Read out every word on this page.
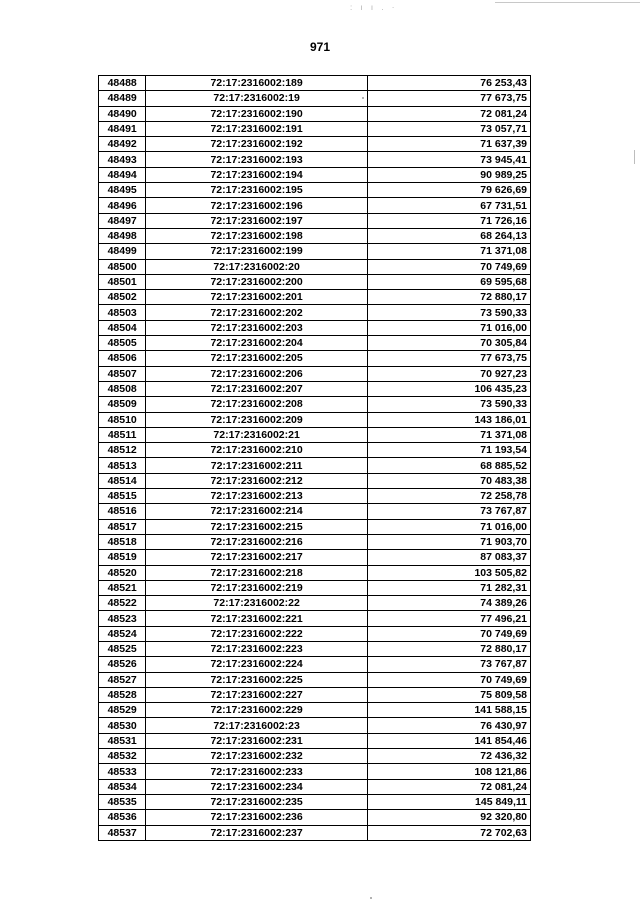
: ı ı . ·
971
48488	72:17:2316002:189	76 253,43
48489	72:17:2316002:19	77 673,75
48490	72:17:2316002:190	72 081,24
48491	72:17:2316002:191	73 057,71
48492	72:17:2316002:192	71 637,39
48493	72:17:2316002:193	73 945,41
48494	72:17:2316002:194	90 989,25
48495	72:17:2316002:195	79 626,69
48496	72:17:2316002:196	67 731,51
48497	72:17:2316002:197	71 726,16
48498	72:17:2316002:198	68 264,13
48499	72:17:2316002:199	71 371,08
48500	72:17:2316002:20	70 749,69
48501	72:17:2316002:200	69 595,68
48502	72:17:2316002:201	72 880,17
48503	72:17:2316002:202	73 590,33
48504	72:17:2316002:203	71 016,00
48505	72:17:2316002:204	70 305,84
48506	72:17:2316002:205	77 673,75
48507	72:17:2316002:206	70 927,23
48508	72:17:2316002:207	106 435,23
48509	72:17:2316002:208	73 590,33
48510	72:17:2316002:209	143 186,01
48511	72:17:2316002:21	71 371,08
48512	72:17:2316002:210	71 193,54
48513	72:17:2316002:211	68 885,52
48514	72:17:2316002:212	70 483,38
48515	72:17:2316002:213	72 258,78
48516	72:17:2316002:214	73 767,87
48517	72:17:2316002:215	71 016,00
48518	72:17:2316002:216	71 903,70
48519	72:17:2316002:217	87 083,37
48520	72:17:2316002:218	103 505,82
48521	72:17:2316002:219	71 282,31
48522	72:17:2316002:22	74 389,26
48523	72:17:2316002:221	77 496,21
48524	72:17:2316002:222	70 749,69
48525	72:17:2316002:223	72 880,17
48526	72:17:2316002:224	73 767,87
48527	72:17:2316002:225	70 749,69
48528	72:17:2316002:227	75 809,58
48529	72:17:2316002:229	141 588,15
48530	72:17:2316002:23	76 430,97
48531	72:17:2316002:231	141 854,46
48532	72:17:2316002:232	72 436,32
48533	72:17:2316002:233	108 121,86
48534	72:17:2316002:234	72 081,24
48535	72:17:2316002:235	145 849,11
48536	72:17:2316002:236	92 320,80
48537	72:17:2316002:237	72 702,63
